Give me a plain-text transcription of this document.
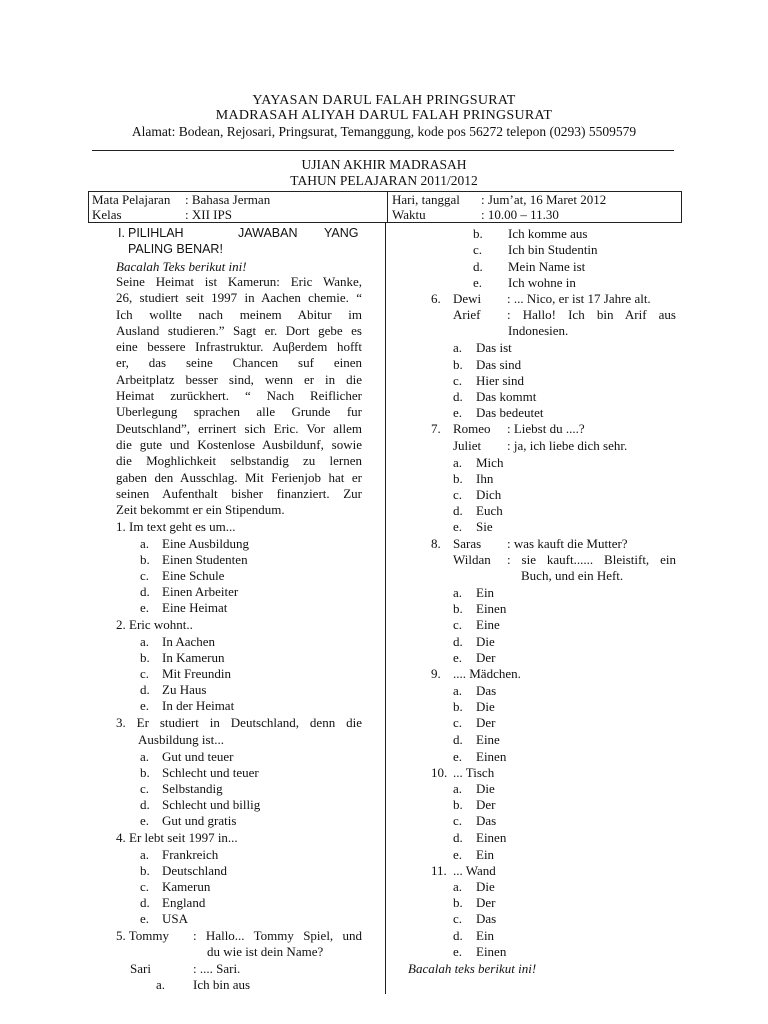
YAYASAN DARUL FALAH PRINGSURAT
MADRASAH ALIYAH DARUL FALAH PRINGSURAT
Alamat: Bodean, Rejosari, Pringsurat, Temanggung, kode pos 56272 telepon (0293) 5509579
UJIAN AKHIR MADRASAH
TAHUN PELAJARAN 2011/2012
Mata Pelajaran : Bahasa Jerman
Kelas	: XII IPS
Hari, tanggal : Jum’at, 16 Maret 2012
Waktu	: 10.00 – 11.30
I. PILIHLAH	JAWABAN YANG
PALING BENAR!
Bacalah Teks berikut ini!
Seine Heimat ist Kamerun: Eric Wanke,
26, studiert seit 1997 in Aachen chemie. “
Ich wollte nach meinem Abitur im
Ausland studieren.” Sagt er. Dort gebe es
eine bessere Infrastruktur. Auβerdem hofft
er, das seine Chancen suf einen
Arbeitplatz besser sind, wenn er in die
Heimat zurückhert. “ Nach Reiflicher
Uberlegung sprachen alle Grunde fur
Deutschland”, errinert sich Eric. Vor allem
die gute und Kostenlose Ausbildunf, sowie
die Moghlichkeit selbstandig zu lernen
gaben den Ausschlag. Mit Ferienjob hat er
seinen Aufenthalt bisher finanziert. Zur
Zeit bekommt er ein Stipendum.
1. Im text geht es um...
a. Eine Ausbildung
b. Einen Studenten
c. Eine Schule
d. Einen Arbeiter
e. Eine Heimat
2. Eric wohnt..
a. In Aachen
b. In Kamerun
c. Mit Freundin
d. Zu Haus
e. In der Heimat
3. Er studiert in Deutschland, denn die
Ausbildung ist...
a. Gut und teuer
b. Schlecht und teuer
c. Selbstandig
d. Schlecht und billig
e. Gut und gratis
4. Er lebt seit 1997 in...
a. Frankreich
b. Deutschland
c. Kamerun
d. England
e. USA
5. Tommy : Hallo... Tommy Spiel, und
du wie ist dein Name?
Sari	: .... Sari.
a. Ich bin aus
b. Ich komme aus
c. Ich bin Studentin
d. Mein Name ist
e. Ich wohne in
6. Dewi : ... Nico, er ist 17 Jahre alt.
Arief : Hallo! Ich bin Arif aus
Indonesien.
a. Das ist
b. Das sind
c. Hier sind
d. Das kommt
e. Das bedeutet
7. Romeo : Liebst du ....?
Juliet : ja, ich liebe dich sehr.
a. Mich
b. Ihn
c. Dich
d. Euch
e. Sie
8. Saras : was kauft die Mutter?
Wildan : sie kauft...... Bleistift, ein
Buch, und ein Heft.
a. Ein
b. Einen
c. Eine
d. Die
e. Der
9. .... Mädchen.
a. Das
b. Die
c. Der
d. Eine
e. Einen
10. ... Tisch
a. Die
b. Der
c. Das
d. Einen
e. Ein
11. ... Wand
a. Die
b. Der
c. Das
d. Ein
e. Einen
Bacalah teks berikut ini!
